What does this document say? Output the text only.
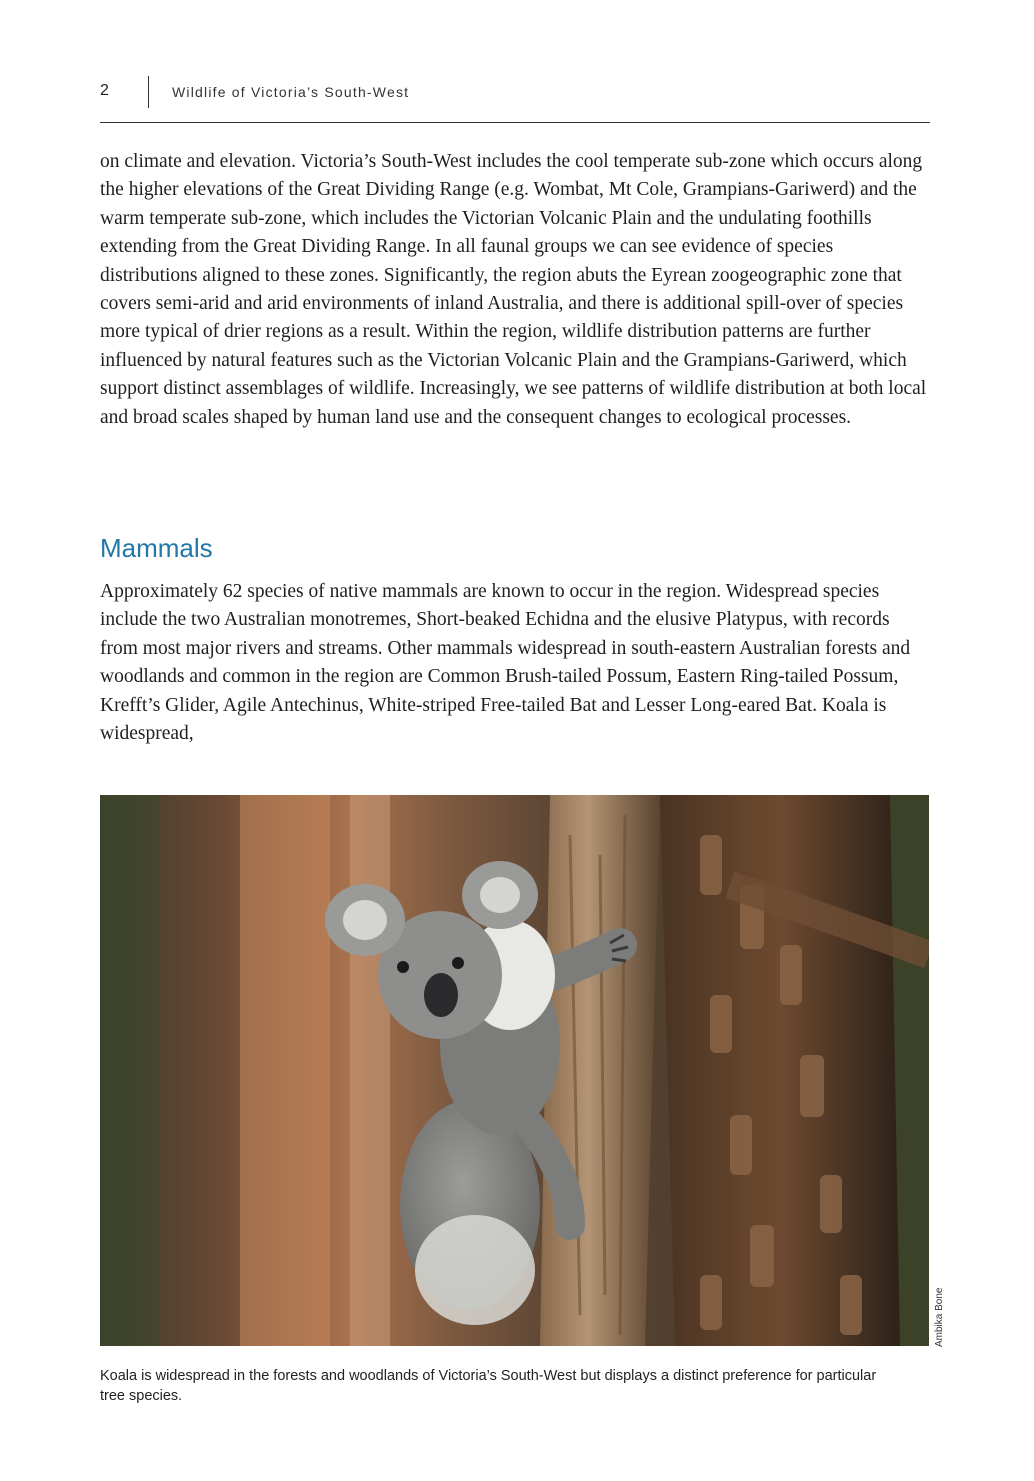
2	Wildlife of Victoria’s South-West

on climate and elevation. Victoria’s South-West includes the cool temperate sub-zone which occurs along the higher elevations of the Great Dividing Range (e.g. Wombat, Mt Cole, Grampians-Gariwerd) and the warm temperate sub-zone, which includes the Victorian Volcanic Plain and the undulating foothills extending from the Great Dividing Range. In all faunal groups we can see evidence of species distributions aligned to these zones. Significantly, the region abuts the Eyrean zoogeographic zone that covers semi-arid and arid environments of inland Australia, and there is additional spill-over of species more typical of drier regions as a result. Within the region, wildlife distribution patterns are further influenced by natural features such as the Victorian Volcanic Plain and the Grampians-Gariwerd, which support distinct assemblages of wildlife. Increasingly, we see patterns of wildlife distribution at both local and broad scales shaped by human land use and the consequent changes to ecological processes.

Mammals

Approximately 62 species of native mammals are known to occur in the region. Widespread species include the two Australian monotremes, Short-beaked Echidna and the elusive Platypus, with records from most major rivers and streams. Other mammals widespread in south-eastern Australian forests and woodlands and common in the region are Common Brush-tailed Possum, Eastern Ring-tailed Possum, Krefft’s Glider, Agile Antechinus, White-striped Free-tailed Bat and Lesser Long-eared Bat. Koala is widespread,

Ambika Bone

Koala is widespread in the forests and woodlands of Victoria’s South-West but displays a distinct preference for particular tree species.
